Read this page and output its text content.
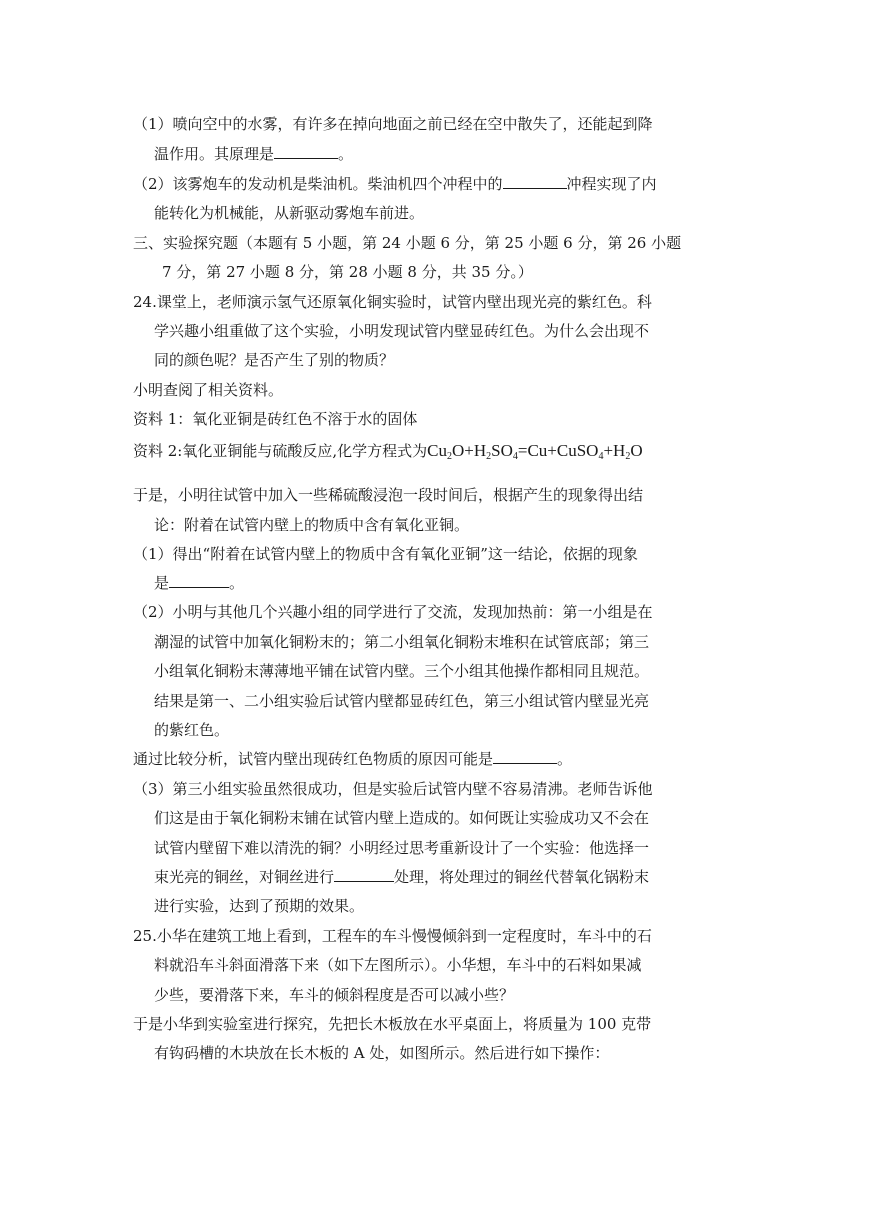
（1）喷向空中的水雾，有许多在掉向地面之前已经在空中散失了，还能起到降
温作用。其原理是	。
（2）该雾炮车的发动机是柴油机。柴油机四个冲程中的	冲程实现了内
能转化为机械能，从新驱动雾炮车前进。
三、实验探究题（本题有 5 小题，第 24 小题 6 分，第 25 小题 6 分，第 26 小题
7 分，第 27 小题 8 分，第 28 小题 8 分，共 35 分。）
24.课堂上，老师演示氢气还原氧化铜实验时，试管内壁出现光亮的紫红色。科
学兴趣小组重做了这个实验，小明发现试管内壁显砖红色。为什么会出现不
同的颜色呢？是否产生了别的物质？
小明查阅了相关资料。
资料 1：氧化亚铜是砖红色不溶于水的固体
资料 2:氧化亚铜能与硫酸反应,化学方程式为$Cu_2O+H_2SO_4=Cu+CuSO_4+H_2O$
于是，小明往试管中加入一些稀硫酸浸泡一段时间后，根据产生的现象得出结
论：附着在试管内壁上的物质中含有氧化亚铜。
（1）得出“附着在试管内壁上的物质中含有氧化亚铜”这一结论，依据的现象
是	。
（2）小明与其他几个兴趣小组的同学进行了交流，发现加热前：第一小组是在
潮湿的试管中加氧化铜粉末的；第二小组氧化铜粉末堆积在试管底部；第三
小组氧化铜粉末薄薄地平铺在试管内壁。三个小组其他操作都相同且规范。
结果是第一、二小组实验后试管内壁都显砖红色，第三小组试管内壁显光亮
的紫红色。
通过比较分析，试管内壁出现砖红色物质的原因可能是	。
（3）第三小组实验虽然很成功，但是实验后试管内壁不容易清沸。老师告诉他
们这是由于氧化铜粉末铺在试管内壁上造成的。如何既让实验成功又不会在
试管内壁留下难以清洗的铜？小明经过思考重新设计了一个实验：他选择一
束光亮的铜丝，对铜丝进行	处理，将处理过的铜丝代替氧化锅粉末
进行实验，达到了预期的效果。
25.小华在建筑工地上看到，工程车的车斗慢慢倾斜到一定程度时，车斗中的石
料就沿车斗斜面滑落下来（如下左图所示）。小华想，车斗中的石料如果减
少些，要滑落下来，车斗的倾斜程度是否可以减小些？
于是小华到实验室进行探究，先把长木板放在水平桌面上，将质量为 100 克带
有钩码槽的木块放在长木板的 A 处，如图所示。然后进行如下操作：
